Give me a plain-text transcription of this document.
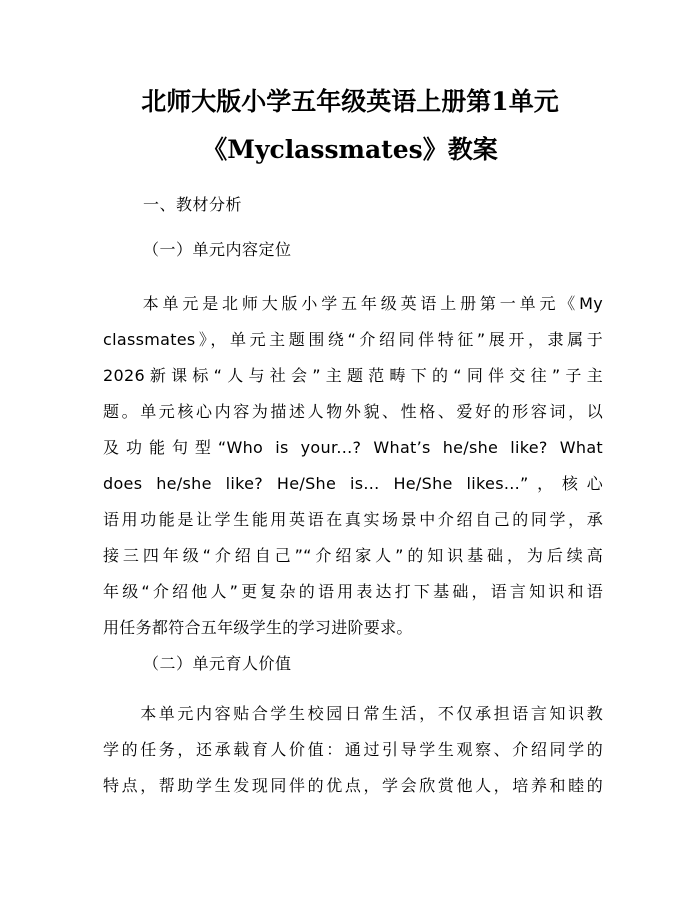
北师大版小学五年级英语上册第1单元
《Myclassmates》教案
一、教材分析
（一）单元内容定位
　　本单元是北师大版小学五年级英语上册第一单元《My
classmates》，单元主题围绕“介绍同伴特征”展开，隶属于
2026新课标“人与社会”主题范畴下的“同伴交往”子主
题。单元核心内容为描述人物外貌、性格、爱好的形容词，以
及功能句型“Who is your...? What’s he/she like? What
does he/she like? He/She is... He/She likes...”，核心
语用功能是让学生能用英语在真实场景中介绍自己的同学，承
接三四年级“介绍自己”“介绍家人”的知识基础，为后续高
年级“介绍他人”更复杂的语用表达打下基础，语言知识和语
用任务都符合五年级学生的学习进阶要求。
（二）单元育人价值
　　本单元内容贴合学生校园日常生活，不仅承担语言知识教
学的任务，还承载育人价值：通过引导学生观察、介绍同学的
特点，帮助学生发现同伴的优点，学会欣赏他人，培养和睦的
